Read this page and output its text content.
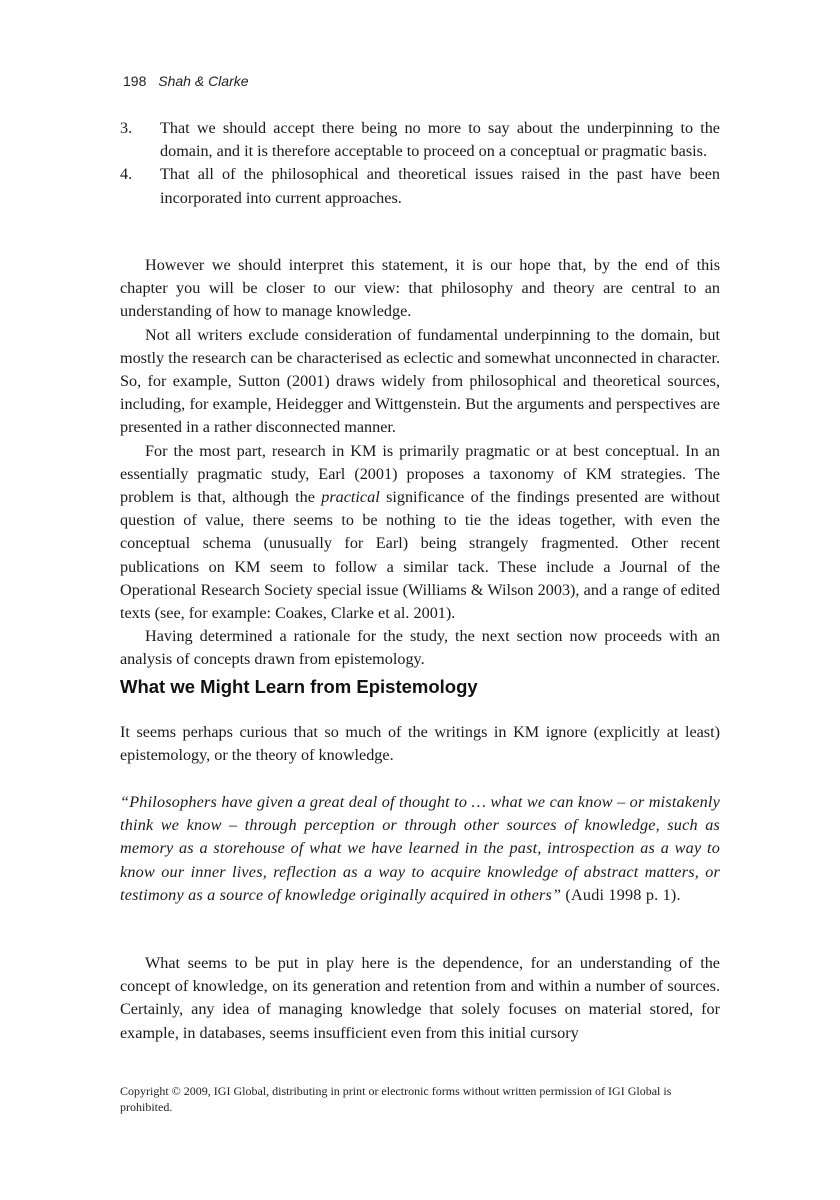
198 Shah & Clarke
3.	That we should accept there being no more to say about the underpinning to the domain, and it is therefore acceptable to proceed on a conceptual or pragmatic basis.
4.	That all of the philosophical and theoretical issues raised in the past have been incorporated into current approaches.

However we should interpret this statement, it is our hope that, by the end of this chapter you will be closer to our view: that philosophy and theory are central to an understanding of how to manage knowledge.

Not all writers exclude consideration of fundamental underpinning to the domain, but mostly the research can be characterised as eclectic and somewhat unconnected in character. So, for example, Sutton (2001) draws widely from philosophical and theoretical sources, including, for example, Heidegger and Wittgenstein. But the arguments and perspectives are presented in a rather disconnected manner.

For the most part, research in KM is primarily pragmatic or at best conceptual. In an essentially pragmatic study, Earl (2001) proposes a taxonomy of KM strategies. The problem is that, although the practical significance of the findings presented are without question of value, there seems to be nothing to tie the ideas together, with even the conceptual schema (unusually for Earl) being strangely fragmented. Other recent publications on KM seem to follow a similar tack. These include a Journal of the Operational Research Society special issue (Williams & Wilson 2003), and a range of edited texts (see, for example: Coakes, Clarke et al. 2001).

Having determined a rationale for the study, the next section now proceeds with an analysis of concepts drawn from epistemology.

What we Might Learn from Epistemology

It seems perhaps curious that so much of the writings in KM ignore (explicitly at least) epistemology, or the theory of knowledge.

“Philosophers have given a great deal of thought to … what we can know – or mistakenly think we know – through perception or through other sources of knowledge, such as memory as a storehouse of what we have learned in the past, introspection as a way to know our inner lives, reflection as a way to acquire knowledge of abstract matters, or testimony as a source of knowledge originally acquired in others” (Audi 1998 p. 1).

What seems to be put in play here is the dependence, for an understanding of the concept of knowledge, on its generation and retention from and within a number of sources. Certainly, any idea of managing knowledge that solely focuses on material stored, for example, in databases, seems insufficient even from this initial cursory

Copyright © 2009, IGI Global, distributing in print or electronic forms without written permission of IGI Global is prohibited.
